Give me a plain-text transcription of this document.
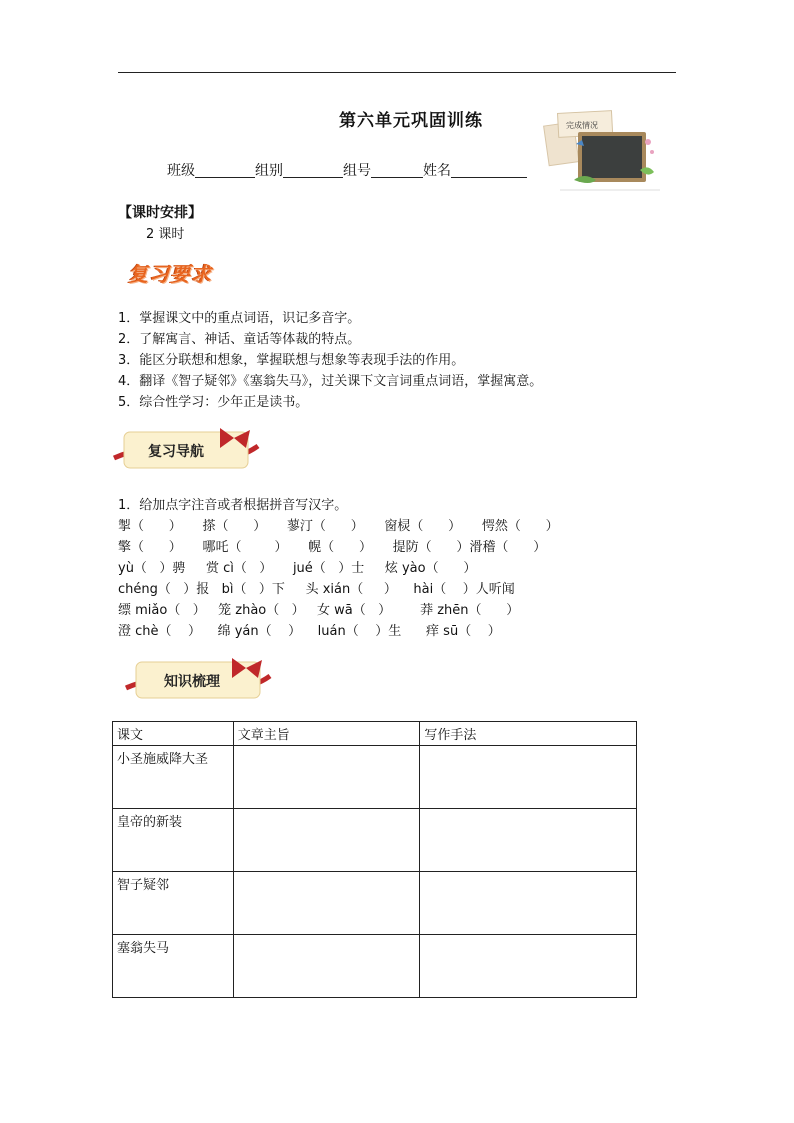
第六单元巩固训练
班级	组别	组号	姓名
完成情况
【课时安排】
2 课时
复习要求
1．掌握课文中的重点词语，识记多音字。
2．了解寓言、神话、童话等体裁的特点。
3．能区分联想和想象，掌握联想与想象等表现手法的作用。
4．翻译《智子疑邻》《塞翁失马》，过关课下文言词重点词语，掌握寓意。
5．综合性学习：少年正是读书。
复习导航
1．给加点字注音或者根据拼音写汉字。
掣（      ）     搽（      ）     蓼汀（      ）     窗棂（      ）     愕然（      ）
擎（      ）     哪吒（        ）     幌（      ）     提防（      ）滑稽（      ）
yù（   ）骋     赏 cì（   ）     jué（   ）士     炫 yào（      ）
chéng（   ）报   bì（   ）下     头 xián（     ）    hài（    ）人听闻
缥 miǎo（   ）   笼 zhào（   ）   女 wā（   ）       莽 zhēn（      ）
澄 chè（    ）    绵 yán（    ）    luán（    ）生      痒 sū（    ）
知识梳理
课文	文章主旨	写作手法
小圣施威降大圣		
皇帝的新装		
智子疑邻		
塞翁失马		
